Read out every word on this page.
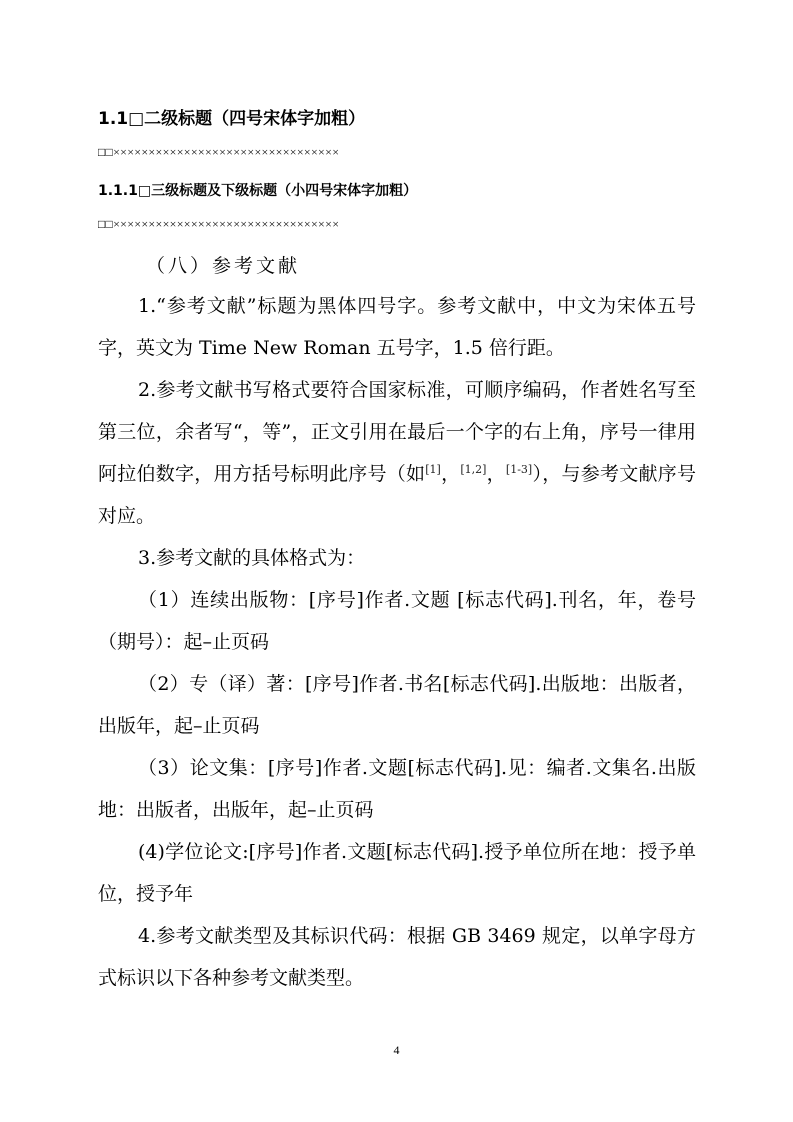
1.1□二级标题（四号宋体字加粗）
□□××××××××××××××××××××××××××××××××
1.1.1□三级标题及下级标题（小四号宋体字加粗）
□□××××××××××××××××××××××××××××××××
（八）参考文献

1.“参考文献”标题为黑体四号字。参考文献中，中文为宋体五号字，英文为 Time New Roman 五号字，1.5 倍行距。

2.参考文献书写格式要符合国家标准，可顺序编码，作者姓名写至第三位，余者写“，等”，正文引用在最后一个字的右上角，序号一律用阿拉伯数字，用方括号标明此序号（如[1]，[1,2]，[1-3]），与参考文献序号对应。

3.参考文献的具体格式为：

（1）连续出版物：[序号]作者.文题 [标志代码].刊名，年，卷号（期号）：起–止页码

（2）专（译）著：[序号]作者.书名[标志代码].出版地：出版者，出版年，起–止页码

（3）论文集：[序号]作者.文题[标志代码].见：编者.文集名.出版地：出版者，出版年，起–止页码

(4)学位论文:[序号]作者.文题[标志代码].授予单位所在地：授予单位，授予年

4.参考文献类型及其标识代码：根据 GB 3469 规定，以单字母方式标识以下各种参考文献类型。

4
